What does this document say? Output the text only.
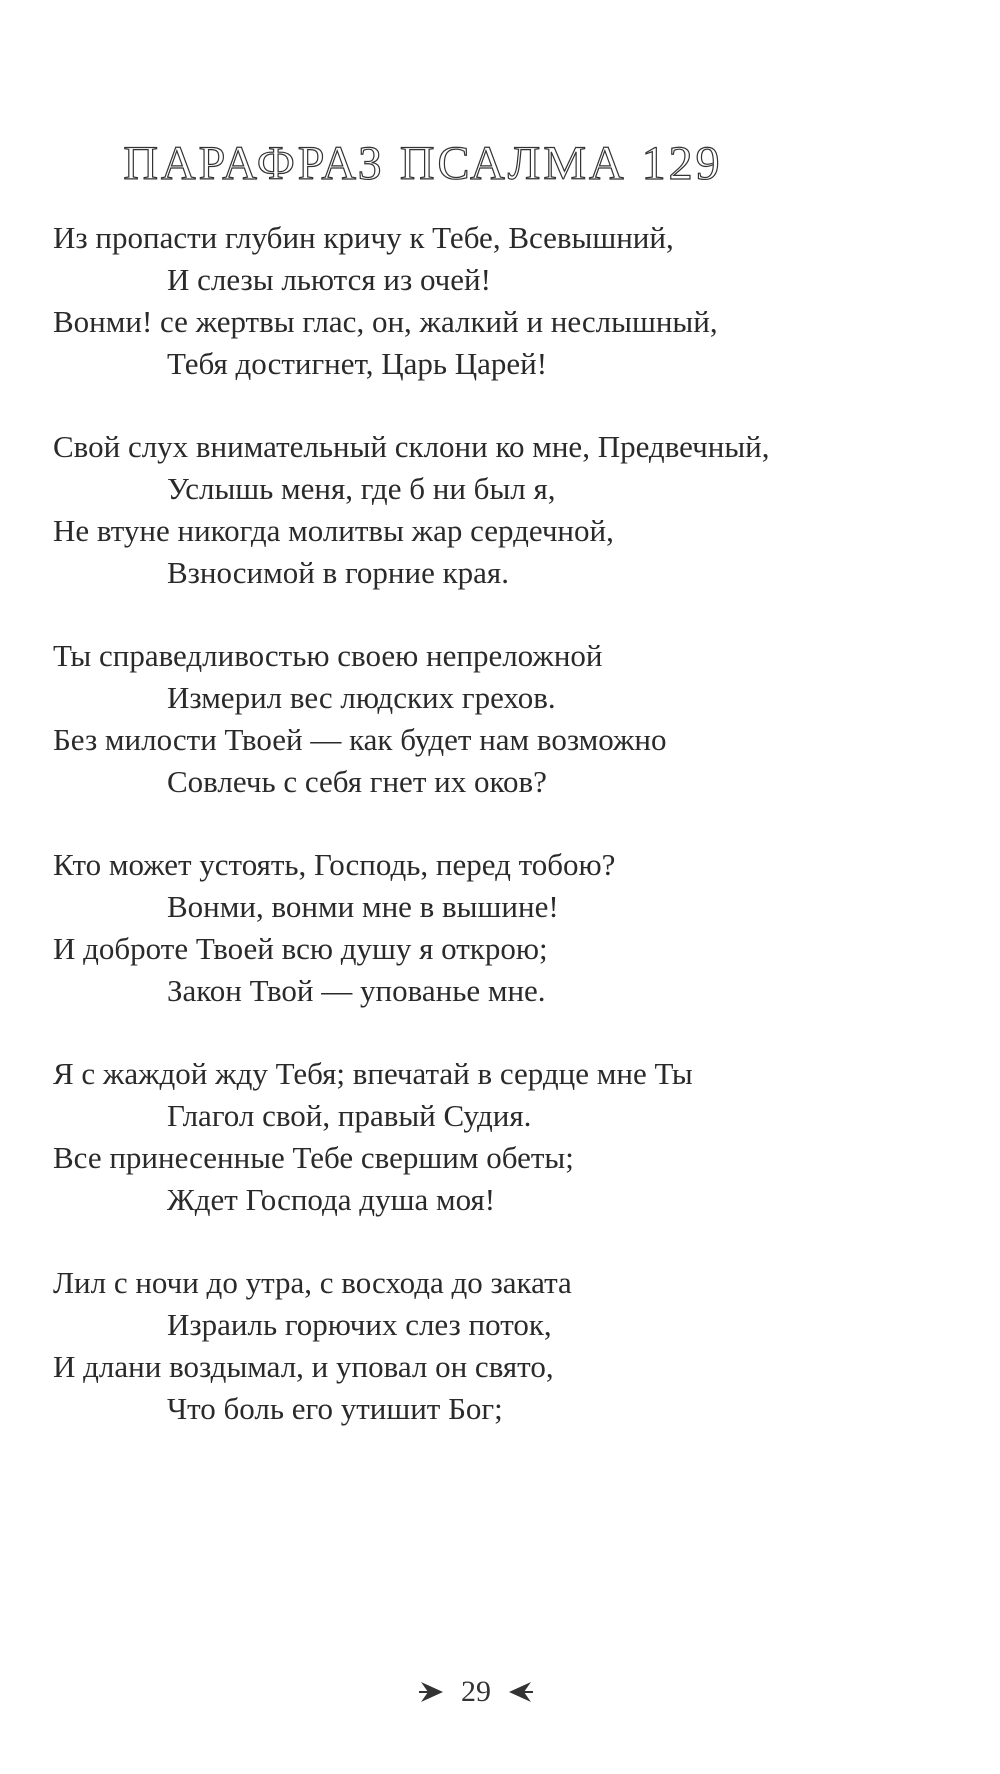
ПАРАФРАЗ ПСАЛМА 129
Из пропасти глубин кричу к Тебе, Всевышний,
И слезы льются из очей!
Вонми! се жертвы глас, он, жалкий и неслышный,
Тебя достигнет, Царь Царей!
Свой слух внимательный склони ко мне, Предвечный,
Услышь меня, где б ни был я,
Не втуне никогда молитвы жар сердечной,
Взносимой в горние края.
Ты справедливостью своею непреложной
Измерил вес людских грехов.
Без милости Твоей — как будет нам возможно
Совлечь с себя гнет их оков?
Кто может устоять, Господь, перед тобою?
Вонми, вонми мне в вышине!
И доброте Твоей всю душу я открою;
Закон Твой — упованье мне.
Я с жаждой жду Тебя; впечатай в сердце мне Ты
Глагол свой, правый Судия.
Все принесенные Тебе свершим обеты;
Ждет Господа душа моя!
Лил с ночи до утра, с восхода до заката
Израиль горючих слез поток,
И длани воздымал, и уповал он свято,
Что боль его утишит Бог;
29
